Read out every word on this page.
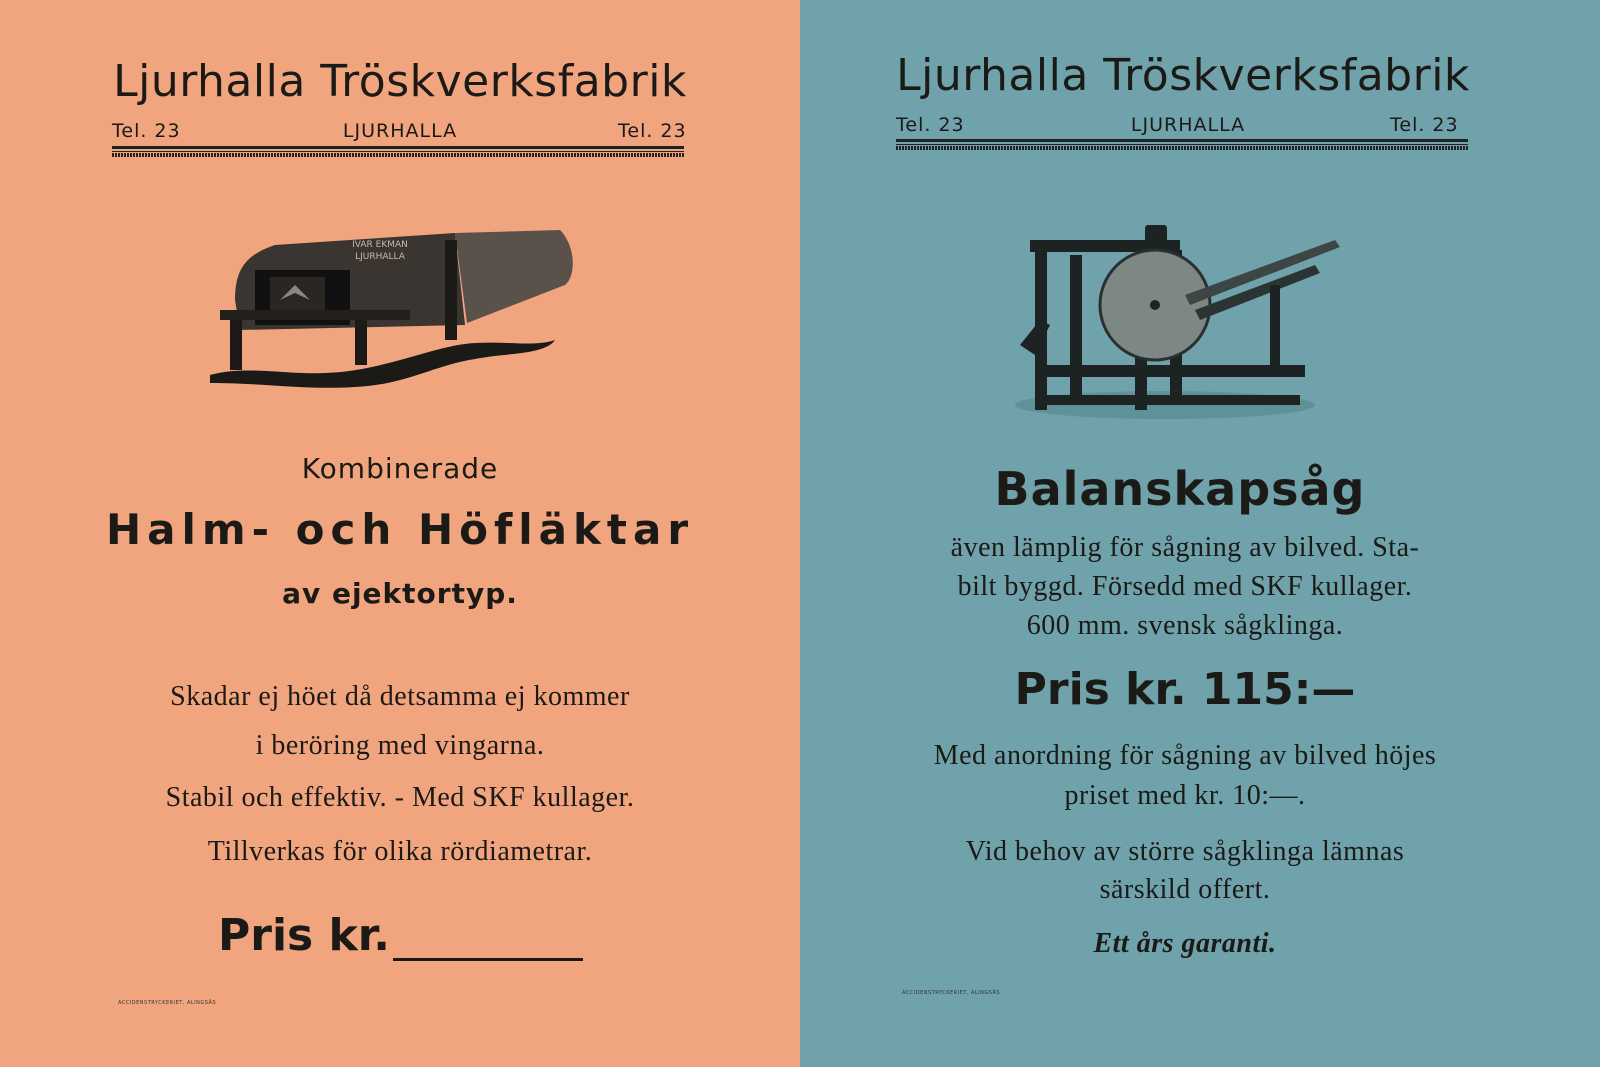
Ljurhalla Tröskverksfabrik
Tel. 23	LJURHALLA	Tel. 23
IVAR EKMAN
LJURHALLA
Kombinerade
Halm- och Höfläktar
av ejektortyp.
Skadar ej höet då detsamma ej kommer
i beröring med vingarna.
Stabil och effektiv. - Med SKF kullager.
Tillverkas för olika rördiametrar.
Pris kr.
ACCIDENSTRYCKERIET, ALINGSÅS
Ljurhalla Tröskverksfabrik
Tel. 23	LJURHALLA	Tel. 23
Balanskapsåg
även lämplig för sågning av bilved. Sta-
bilt byggd. Försedd med SKF kullager.
600 mm. svensk sågklinga.
Pris kr. 115:—
Med anordning för sågning av bilved höjes
priset med kr. 10:—.
Vid behov av större sågklinga lämnas
särskild offert.
Ett års garanti.
ACCIDENSTRYCKERIET, ALINGSÅS
